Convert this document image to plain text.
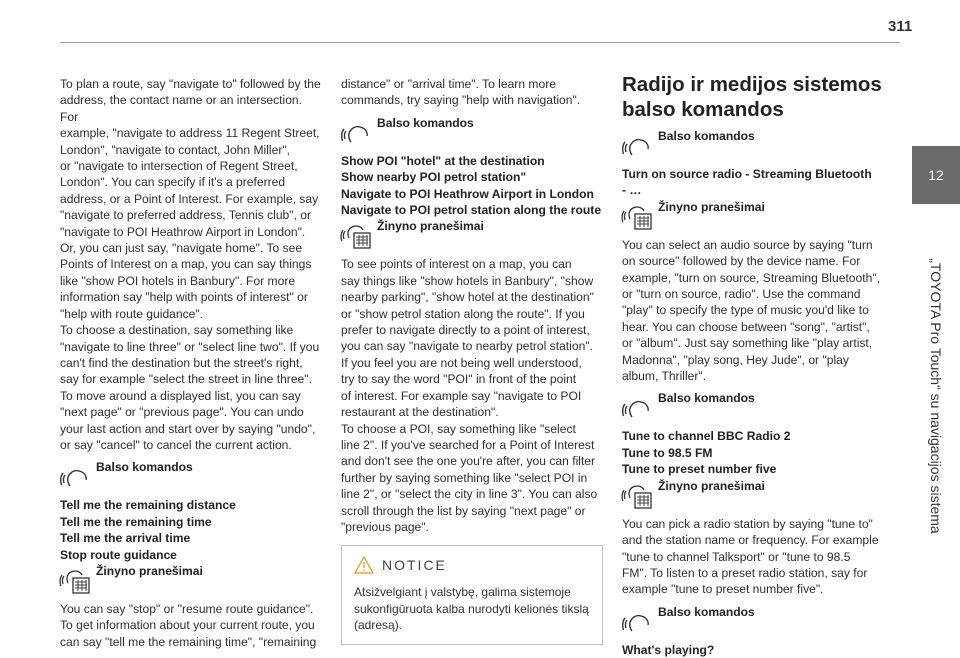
311
12
„TOYOTA Pro Touch“ su navigacijos sistema
To plan a route, say "navigate to" followed by the
address, the contact name or an intersection. For
example, "navigate to address 11 Regent Street,
London", "navigate to contact, John Miller",
or "navigate to intersection of Regent Street,
London". You can specify if it's a preferred
address, or a Point of Interest. For example, say
"navigate to preferred address, Tennis club", or
"navigate to POI Heathrow Airport in London".
Or, you can just say, "navigate home". To see
Points of Interest on a map, you can say things
like "show POI hotels in Banbury". For more
information say "help with points of interest" or
"help with route guidance".
To choose a destination, say something like
"navigate to line three" or "select line two". If you
can't find the destination but the street's right,
say for example "select the street in line three".
To move around a displayed list, you can say
"next page" or "previous page". You can undo
your last action and start over by saying "undo",
or say "cancel" to cancel the current action.
Balso komandos
Tell me the remaining distance
Tell me the remaining time
Tell me the arrival time
Stop route guidance
Žinyno pranešimai
You can say "stop" or "resume route guidance".
To get information about your current route, you
can say "tell me the remaining time", "remaining
distance" or "arrival time". To learn more
commands, try saying "help with navigation".
Balso komandos
Show POI "hotel" at the destination
Show nearby POI petrol station"
Navigate to POI Heathrow Airport in London
Navigate to POI petrol station along the route
Žinyno pranešimai
To see points of interest on a map, you can
say things like "show hotels in Banbury", "show
nearby parking", "show hotel at the destination"
or "show petrol station along the route". If you
prefer to navigate directly to a point of interest,
you can say "navigate to nearby petrol station".
If you feel you are not being well understood,
try to say the word "POI" in front of the point
of interest. For example say "navigate to POI
restaurant at the destination".
To choose a POI, say something like "select
line 2". If you've searched for a Point of Interest
and don't see the one you're after, you can filter
further by saying something like "select POI in
line 2", or "select the city in line 3". You can also
scroll through the list by saying "next page" or
"previous page".
NOTICE
Atsižvelgiant į valstybę, galima sistemoje
sukonfigūruota kalba nurodyti kelionės tikslą
(adresą).
Radijo ir medijos sistemos
balso komandos
Balso komandos
Turn on source radio - Streaming Bluetooth
- …
Žinyno pranešimai
You can select an audio source by saying "turn
on source" followed by the device name. For
example, "turn on source, Streaming Bluetooth",
or "turn on source, radio". Use the command
"play" to specify the type of music you'd like to
hear. You can choose between "song", "artist",
or "album". Just say something like "play artist,
Madonna", "play song, Hey Jude", or "play
album, Thriller".
Balso komandos
Tune to channel BBC Radio 2
Tune to 98.5 FM
Tune to preset number five
Žinyno pranešimai
You can pick a radio station by saying "tune to"
and the station name or frequency. For example
"tune to channel Talksport" or "tune to 98.5
FM". To listen to a preset radio station, say for
example "tune to preset number five".
Balso komandos
What's playing?
